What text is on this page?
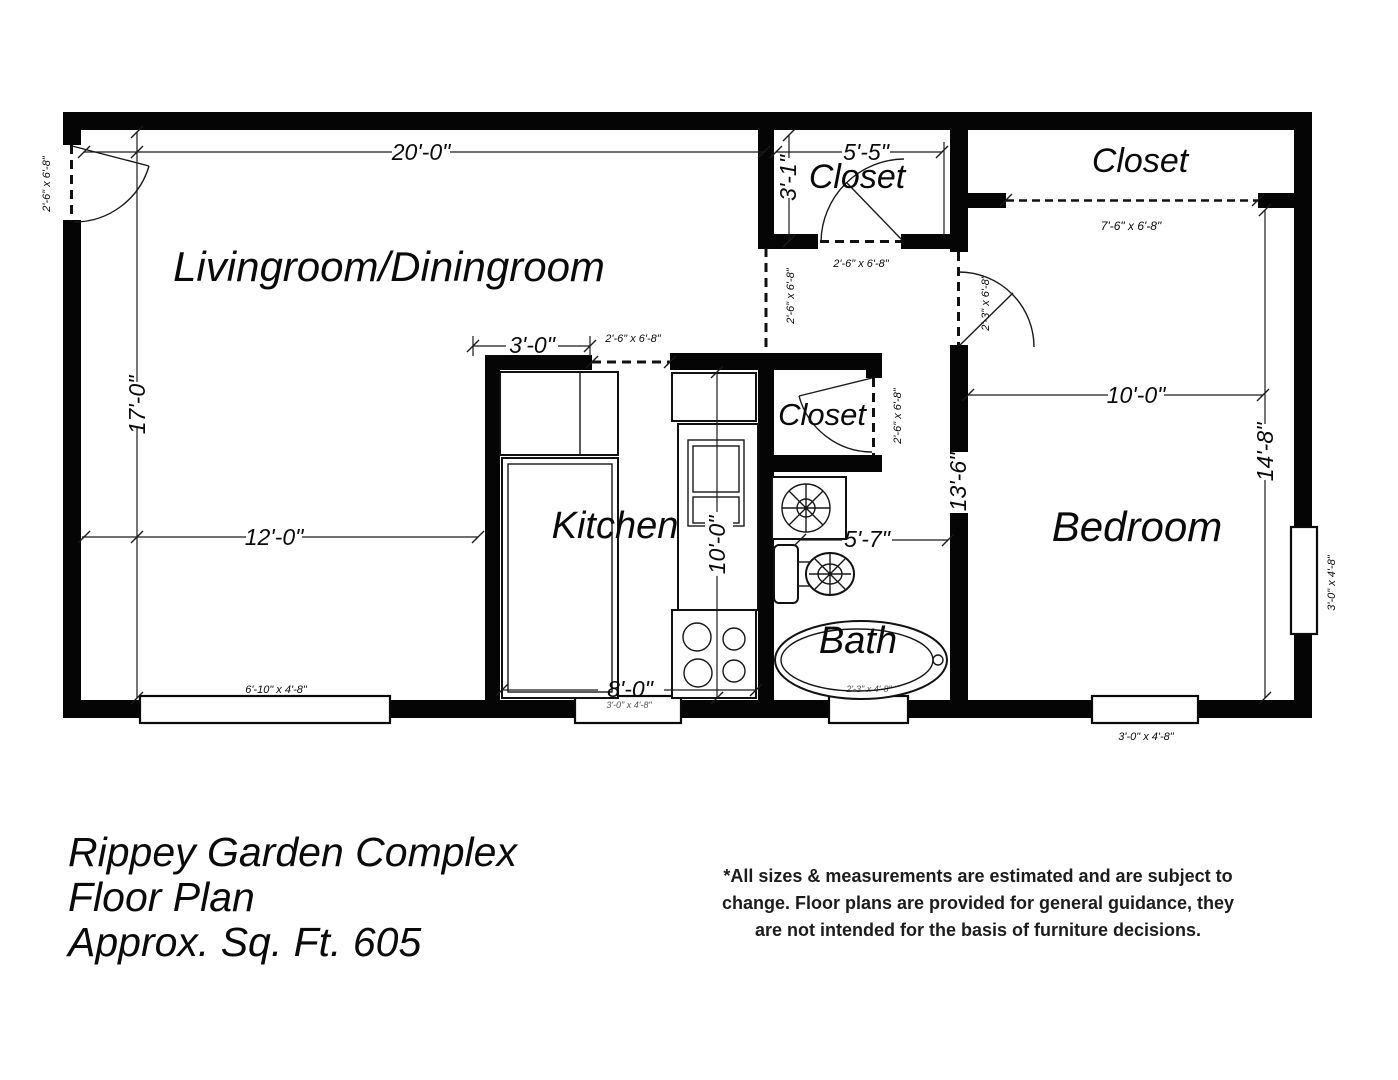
Livingroom/Diningroom
Closet	Closet
Closet
Kitchen
Bath
Bedroom
20'-0"	5'-5"
3'-1"
17'-0"
12'-0"
3'-0"
10'-0"
8'-0"
5'-7"
13'-6"
10'-0"
14'-8"
2'-6" x 6'-8"
2'-6" x 6'-8"
2'-6" x 6'-8"
2'-6" x 6'-8"
2'-6" x 6'-8"
2'-3" x 6'-8"
7'-6" x 6'-8"
6'-10" x 4'-8"
3'-0" x 4'-8"
2'-3" x 4'-8"
3'-0" x 4'-8"
3'-0" x 4'-8"
Rippey Garden Complex
Floor Plan
Approx. Sq. Ft. 605
*All sizes & measurements are estimated and are subject to
change. Floor plans are provided for general guidance, they
are not intended for the basis of furniture decisions.
